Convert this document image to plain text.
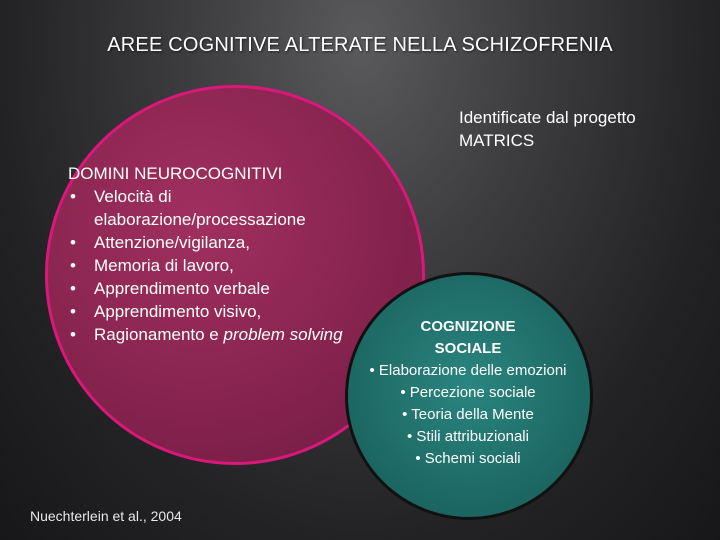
AREE COGNITIVE ALTERATE NELLA SCHIZOFRENIA
Identificate dal progetto
MATRICS
DOMINI NEUROCOGNITIVI
• Velocità di elaborazione/processazione
• Attenzione/vigilanza,
• Memoria di lavoro,
• Apprendimento verbale
• Apprendimento visivo,
• Ragionamento e problem solving	COGNIZIONE
SOCIALE
• Elaborazione delle emozioni
• Percezione sociale
• Teoria della Mente
• Stili attribuzionali
• Schemi sociali
Nuechterlein et al., 2004
